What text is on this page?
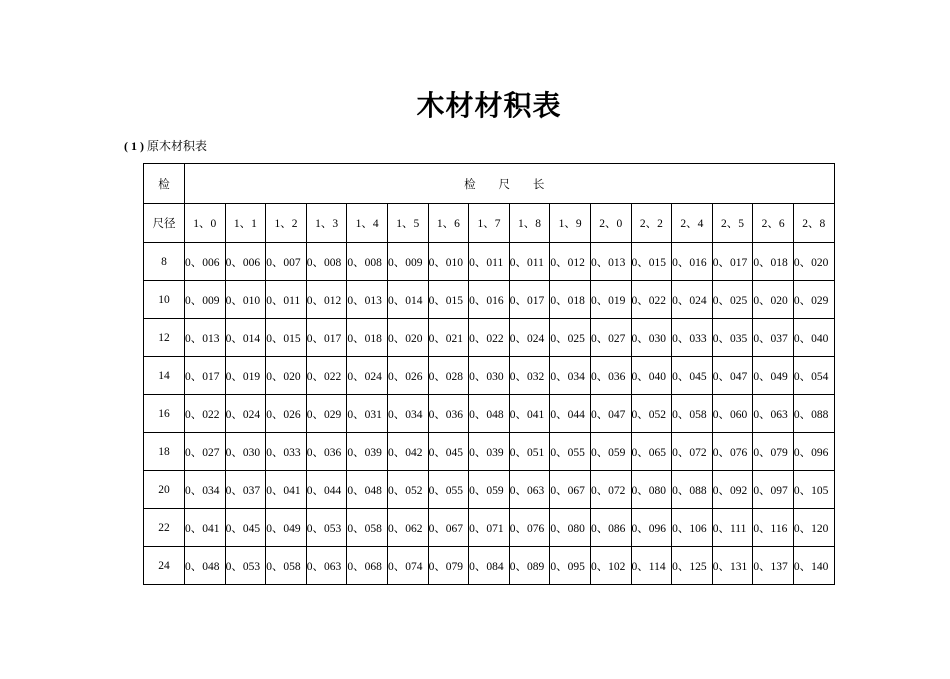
木材材积表
( 1 ) 原木材积表
检	检 尺 长															
尺径	1、0	1、1	1、2	1、3	1、4	1、5	1、6	1、7	1、8	1、9	2、0	2、2	2、4	2、5	2、6	2、8
8	0、006	0、006	0、007	0、008	0、008	0、009	0、010	0、011	0、011	0、012	0、013	0、015	0、016	0、017	0、018	0、020
10	0、009	0、010	0、011	0、012	0、013	0、014	0、015	0、016	0、017	0、018	0、019	0、022	0、024	0、025	0、020	0、029
12	0、013	0、014	0、015	0、017	0、018	0、020	0、021	0、022	0、024	0、025	0、027	0、030	0、033	0、035	0、037	0、040
14	0、017	0、019	0、020	0、022	0、024	0、026	0、028	0、030	0、032	0、034	0、036	0、040	0、045	0、047	0、049	0、054
16	0、022	0、024	0、026	0、029	0、031	0、034	0、036	0、048	0、041	0、044	0、047	0、052	0、058	0、060	0、063	0、088
18	0、027	0、030	0、033	0、036	0、039	0、042	0、045	0、039	0、051	0、055	0、059	0、065	0、072	0、076	0、079	0、096
20	0、034	0、037	0、041	0、044	0、048	0、052	0、055	0、059	0、063	0、067	0、072	0、080	0、088	0、092	0、097	0、105
22	0、041	0、045	0、049	0、053	0、058	0、062	0、067	0、071	0、076	0、080	0、086	0、096	0、106	0、111	0、116	0、120
24	0、048	0、053	0、058	0、063	0、068	0、074	0、079	0、084	0、089	0、095	0、102	0、114	0、125	0、131	0、137	0、140
